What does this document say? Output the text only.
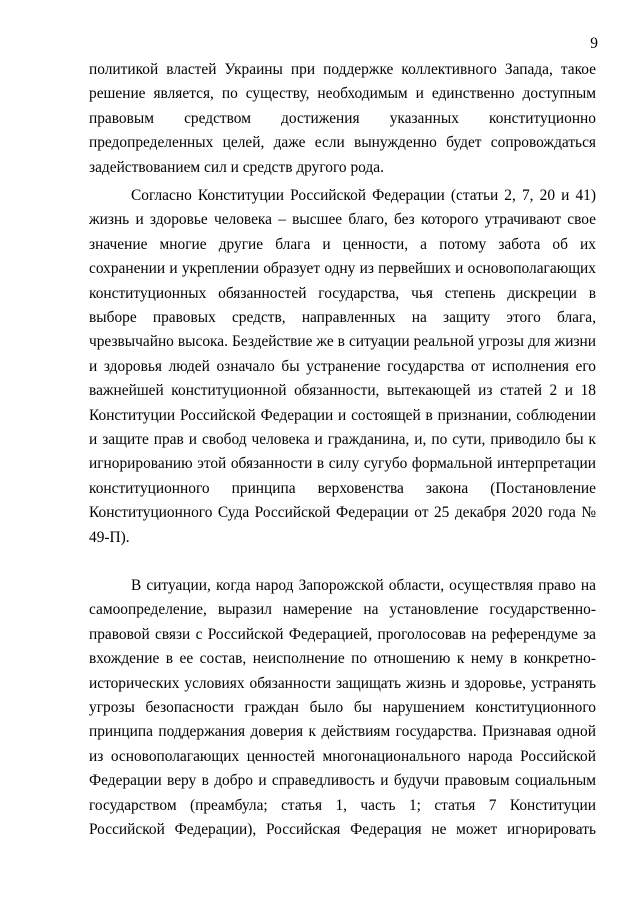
9
политикой властей Украины при поддержке коллективного Запада, такое
решение является, по существу, необходимым и единственно доступным
правовым средством достижения указанных конституционно
предопределенных целей, даже если вынужденно будет сопровождаться
задействованием сил и средств другого рода.
Согласно Конституции Российской Федерации (статьи 2, 7, 20 и 41)
жизнь и здоровье человека – высшее благо, без которого утрачивают свое
значение многие другие блага и ценности, а потому забота об их
сохранении и укреплении образует одну из первейших и основополагающих
конституционных обязанностей государства, чья степень дискреции в
выборе правовых средств, направленных на защиту этого блага,
чрезвычайно высока. Бездействие же в ситуации реальной угрозы для жизни
и здоровья людей означало бы устранение государства от исполнения его
важнейшей конституционной обязанности, вытекающей из статей 2 и 18
Конституции Российской Федерации и состоящей в признании, соблюдении
и защите прав и свобод человека и гражданина, и, по сути, приводило бы к
игнорированию этой обязанности в силу сугубо формальной интерпретации
конституционного принципа верховенства закона (Постановление
Конституционного Суда Российской Федерации от 25 декабря 2020 года №
49-П).
В ситуации, когда народ Запорожской области, осуществляя право на
самоопределение, выразил намерение на установление государственно-
правовой связи с Российской Федерацией, проголосовав на референдуме за
вхождение в ее состав, неисполнение по отношению к нему в конкретно-
исторических условиях обязанности защищать жизнь и здоровье, устранять
угрозы безопасности граждан было бы нарушением конституционного
принципа поддержания доверия к действиям государства. Признавая одной
из основополагающих ценностей многонационального народа Российской
Федерации веру в добро и справедливость и будучи правовым социальным
государством (преамбула; статья 1, часть 1; статья 7 Конституции
Российской Федерации), Российская Федерация не может игнорировать
